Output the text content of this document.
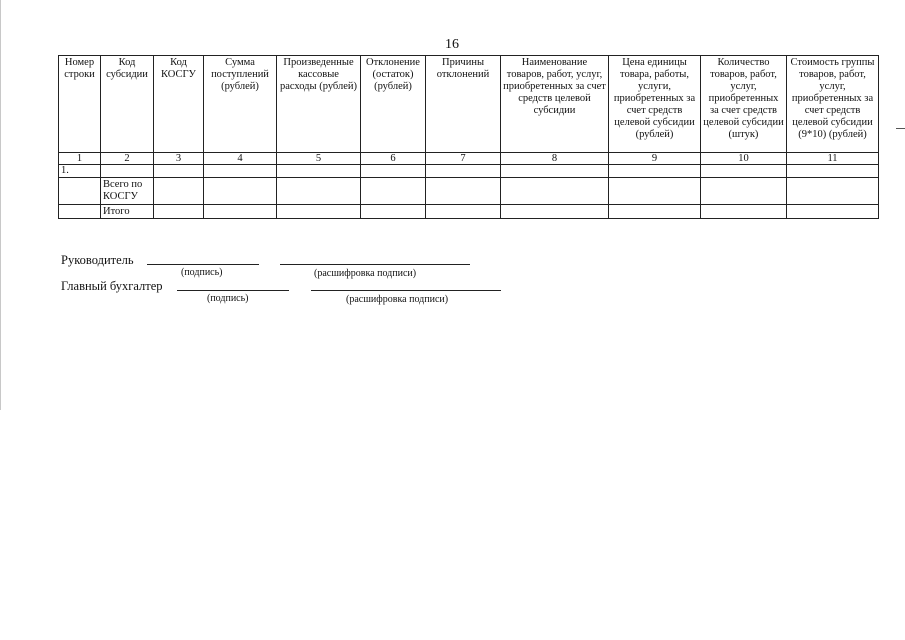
16
Номер строки	Код субсидии	Код КОСГУ	Сумма поступлений (рублей)	Произведенные кассовые расходы (рублей)	Отклонение (остаток) (рублей)	Причины отклонений	Наименование товаров, работ, услуг, приобретенных за счет средств целевой субсидии	Цена единицы товара, работы, услуги, приобретенных за счет средств целевой субсидии (рублей)	Количество товаров, работ, услуг, приобретенных за счет средств целевой субсидии (штук)	Стоимость группы товаров, работ, услуг, приобретенных за счет средств целевой субсидии (9*10) (рублей)
1	2	3	4	5	6	7	8	9	10	11
1.										
	Всего по КОСГУ									
	Итого									
Руководитель
(подпись)	(расшифровка подписи)
Главный бухгалтер
(подпись)	(расшифровка подписи)
